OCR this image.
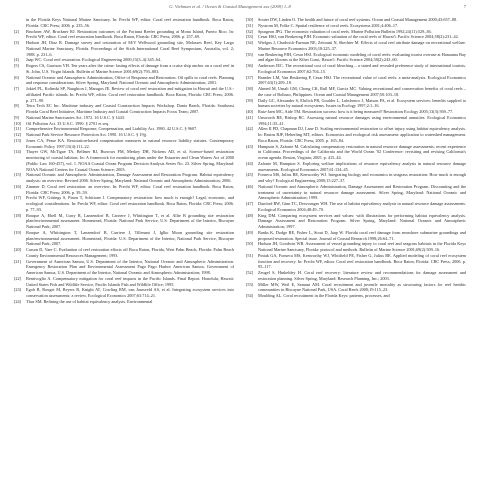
G. Viehman et al. / Ocean & Coastal Management xxx (2009) 1–8	7

in the Florida Keys National Marine Sanctuary. In: Precht WF, editor. Coral reef restoration handbook. Boca Raton, Florida: CRC Press; 2006. p. 235–56.

[2] Bruckner AW, Bruckner RJ. Restoration outcomes of the Fortuna Reefer grounding at Mona Island, Puerto Rico. In: Precht WF, editor. Coral reef restoration handbook. Boca Raton, Florida: CRC Press; 2006. p. 257–69.

[3] Hudson JH, Diaz R. Damage survey and restoration of M/V Wellwood grounding site, Molasses Reef, Key Largo National Marine Sanctuary, Florida. Proceedings of the Sixth International Coral Reef Symposium, Australia, vol. 2; 1988. p. 231–6.

[4] Jaap WC. Coral reef restoration. Ecological Engineering 2000;15(3–4):345–64.

[5] Rogers CS, Garrison VH. Ten years after the crime: lasting effects of damage from a cruise ship anchor on a coral reef in St. John, U.S. Virgin Islands. Bulletin of Marine Science 2001;69(2):793–803.

[6] National Oceanic and Atmospheric Administration, Office of Response and Restoration. Oil spills in coral reefs. Planning and response considerations. Silver Spring, Maryland: National Oceanic and Atmospheric Administration; 2001.

[7] Jokiel PL, Kolinski SP, Naughton J, Maragos JE. Review of coral reef restoration and mitigation in Hawaii and the U.S.-affiliated Pacific islands. In: Precht WF, editor. Coral reef restoration handbook. Boca Raton, Florida: CRC Press; 2006. p. 271–90.

[8] Tetra Tech EC Inc. Maritime industry and Coastal Construction Impacts Workshop. Dania Beach, Florida: Southeast Florida Coral Reef Initiative, Maritime Industry and Coastal Construction Impacts Focus Team; 2007.

[9] National Marine Sanctuaries Act. 1972. 16 U.S.C. § 1443.

[10] Oil Pollution Act. 33 U.S.C. 1990. § 2701 et seq.

[11] Comprehensive Environmental Response, Compensation, and Liability Act. 1980. 42 U.S.C. § 9607.

[12] National Park Service Resource Protection Act. 1990. 16 U.S.C. § 19jj.

[13] Jones CA, Pease KA. Restoration-based compensation measures in natural resource liability statutes. Contemporary Economic Policy 1997;15(4):111–22.

[14] Thayer GW, McTigue TA, Bellmer RJ, Burrows FM, Merkey DH, Nickens AD, et al. Science-based restoration monitoring of coastal habitats. In: A framework for monitoring plans under the Estuaries and Clean Waters Act of 2000 (Public Law 160-457), vol. 1. NOAA Coastal Ocean Program Decision Analysis Series No. 23. Silver Spring, Maryland: NOAA National Centers for Coastal Ocean Science; 2003.

[15] National Oceanic and Atmospheric Administration, Damage Assessment and Restoration Program. Habitat equivalency analysis: an overview. Revised 2006. Silver Spring, Maryland: National Oceanic and Atmospheric Administration; 2006.

[16] Zimmer D. Coral reef restoration: an overview. In: Precht WF, editor. Coral reef restoration handbook. Boca Raton, Florida: CRC Press; 2006. p. 39–59.

[17] Precht WF, Gittings S, Pinon T, Schittone J. Compensatory restoration: how much is enough? Legal, economic, and ecological considerations. In: Precht WF, editor. Coral reef restoration handbook. Boca Raton, Florida: CRC Press; 2006. p. 77–93.

[18] Bouque A, Ebell M, Curry R, Lanzendorf B, Carriere J, Whittington T, et al. Allie B grounding site restoration plan/environmental assessment. Homestead, Florida: National Park Service, U.S. Department of the Interior, Biscayne National Park; 2007.

[19] Bouque A, Whittington T, Lanzendorf B, Carriere J, Tillenant J, Iglko Moon grounding site restoration plan/environmental assessment. Homestead, Florida: U.S. Department of the Interior, National Park Service, Biscayne National Park; 2007.

[20] Carson D, Vare C. Evaluation of reef restoration efforts off Boca Raton, Florida, West Palm Beach, Florida: Palm Beach County Environmental Resources Management; 1993.

[21] Government of American Samoa, U.S. Department of the Interior, National Oceanic and Atmospheric Administration. Emergency Restoration Plan and Environmental Assessment Pago Pago Harbor American Samoa. Government of American Samoa, U.S. Department of the Interior, National Oceanic and Atmospheric Administration; 1998.

[22] Bentivoglio A. Compensatory mitigation for coral reef impacts in the Pacific Islands. Final Report. Honolulu, Hawaii: United States Fish and Wildlife Service, Pacific Islands Fish and Wildlife Office; 1995.

[23] Egoh B, Rouget M, Reyers B, Knight AT, Cowling RM, van Jaarsveld AS, et al. Integrating ecosystem services into conservation assessments: a review. Ecological Economics 2007;63:714–21.

[24] Thur SM. Refining the use of habitat equivalency analysis. Environmental

[30] Souter DW, Linden O. The health and future of coral reef systems. Ocean and Coastal Management 2000;43:657–88.

[31] Nystrom M, Folke C. Spatial resilience of coral reefs. Ecosystems 2001;4:406–17.

[32] Spurgeon JPG. The economic valuation of coral reefs. Marine Pollution Bulletin 1992;24(11):529–36.

[33] Cesar HSJ, van Beukering PJH. Economic valuation of the coral reefs of Hawai'i. Pacific Science 2004;58(2):231–42.

[34] Wielgus J, Chadwick-Furman NE, Zeitouni N, Shechter M. Effects of coral reef attribute damage on recreational welfare. Marine Resource Economics 2003;18:225–37.

[35] van Beukering PJH, Cesar HSJ. Ecological economic modeling of coral reefs: evaluating tourist overuse at Hanauma Bay and algae blooms at the Kihei Coast, Hawai'i. Pacific Science 2004;58(2):243–60.

[36] Anderson JEC. The recreational cost of coral bleaching – a stated and revealed preference study of international tourists. Ecological Economics 2007;62:704–15.

[37] Brander LM, Van Beukering P, Cesar HSJ. The recreational value of coral reefs: a meta-analysis. Ecological Economics 2007;63(1):209–18.

[38] Ahmed M, Umali GM, Chong CK, Rull MF, Garcia MC. Valuing recreational and conservation benefits of coral reefs – the case of Bolinao, Philippines. Ocean and Coastal Management 2007;50:103–18.

[39] Daily GC, Alexander S, Ehrlich PR, Goulder L, Lubchenco J, Matson PA, et al. Ecosystem services: benefits supplied to human societies by natural ecosystems. Issues in Ecology 1997;2:1–16.

[40] Ruiz-Jaen MC, Aide TM. Restoration success: how is it being measured? Restoration Ecology 2005;13(3):569–77.

[41] Unsworth RE, Bishop RC. Assessing natural resource damages using environmental annuities. Ecological Economics 1994;11:35–41.

[42] Allen II PD, Chapman DJ, Lane D. Scaling environmental restoration to offset injury using habitat equivalency analysis. In: Bruins RJF, Heberling MT, editors. Economics and ecological risk assessment: application to watershed management. Boca Raton, Florida: CRC Press; 2005. p. 165–84.

[43] Hampson S, Zafonte M. Calculating compensatory restoration in natural resource damage assessments: recent experience in California. Proceedings of the California and the World Ocean '02 Conference: revisiting and revising California's ocean agenda. Reston, Virginia; 2005. p. 415–44.

[44] Zafonte M, Hampton S. Exploring welfare implications of resource equivalency analysis in natural resource damage assessments. Ecological Economics 2007;61:134–45.

[45] Fonseca MS, Julius BE, Kenworthy WJ. Integrating biology and economics in seagrass restoration: How much is enough and why? Ecological Engineering 2000;15:227–37.

[46] National Oceanic and Atmospheric Administration, Damage Assessment and Restoration Program. Discounting and the treatment of uncertainty in natural resource damage assessment. Silver Spring, Maryland: National Oceanic and Atmospheric Administration; 1999.

[47] Dunford RW, Ginn TC, Desvousges WH. The use of habitat equivalency analysis in natural resource damage assessments. Ecological Economics 2004;48:49–70.

[48] King DM. Comparing ecosystem services and values: with illustrations for performing habitat equivalency analysis. Damage Assessment and Restoration Program. Silver Spring, Maryland: National Oceanic and Atmospheric Administration; 1997.

[49] Banks K, Dodge RE, Fisher L, Stout D, Jaap W. Florida coral reef damage from nearshore submarine groundings and proposed restoration. Special issue. Journal of Coastal Research 1998;26:64–71.

[50] Hudson JH, Goodwin WB. Assessment of vessel grounding injury to coral reef and seagrass habitats in the Florida Keys National Marine Sanctuary, Florida: protocol and methods. Bulletin of Marine Science 2001;69(2):509–16.

[51] Piniak GA, Fonseca MS, Kenworthy WJ, Whitfield PE, Fisher G, Julius BE. Applied modeling of coral reef ecosystem function and recovery. In: Precht WF, editor. Coral reef restoration handbook. Boca Raton, Florida: CRC Press; 2006. p. 95–117.

[52] Zeugel S, Hinkeldey H. Coral reef recovery: literature review and recommendations for damage assessment and restoration planning. Silver Spring, Maryland: Research Planning, Inc.; 2003.

[53] Miller MW, Weil E, Szmant AM. Coral recruitment and juvenile mortality as structuring factors for reef benthic communities in Biscayne National Park, USA. Coral Reefs 2000;19:115–23.

[54] Moulding AL. Coral recruitment in the Florida Keys: patterns, processes, and
